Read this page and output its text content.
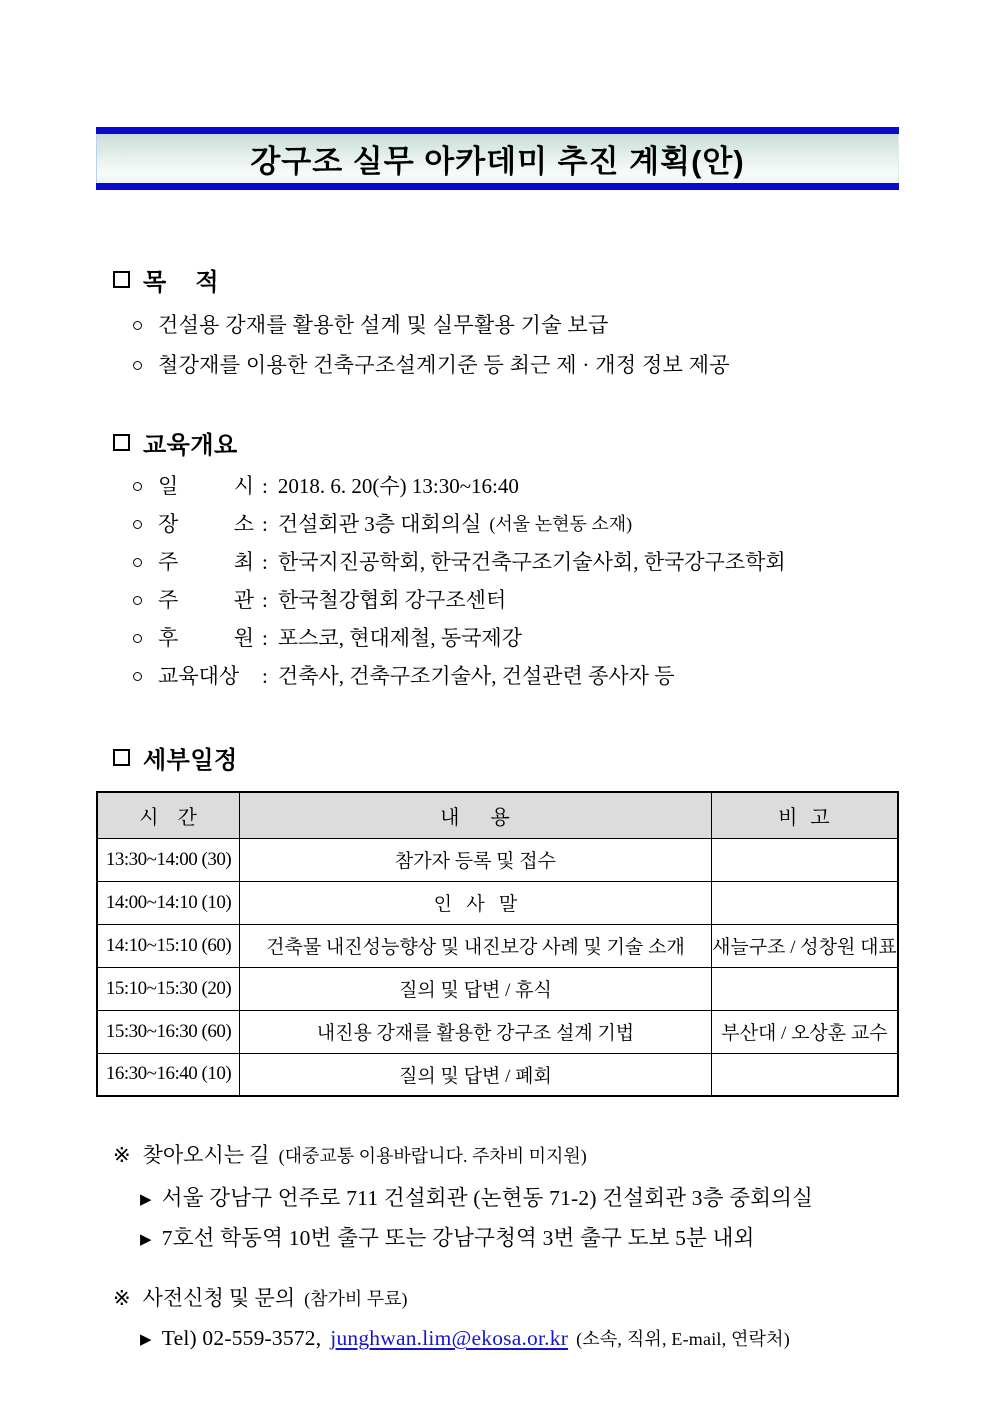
강구조 실무 아카데미 추진 계획(안)
목    적
건설용 강재를 활용한 설계 및 실무활용 기술 보급
철강재를 이용한 건축구조설계기준 등 최근 제 · 개정 정보 제공
교육개요
일 시 : 2018. 6. 20(수) 13:30~16:40
장 소 : 건설회관 3층 대회의실 (서울 논현동 소재)
주 최 : 한국지진공학회, 한국건축구조기술사회, 한국강구조학회
주 관 : 한국철강협회 강구조센터
후 원 : 포스코, 현대제철, 동국제강
교육대상	: 건축사, 건축구조기술사, 건설관련 종사자 등
세부일정
시   간	내     용	비  고
13:30~14:00 (30)	참가자 등록 및 접수	
14:00~14:10 (10)	인   사   말	
14:10~15:10 (60)	건축물 내진성능향상 및 내진보강 사례 및 기술 소개	새늘구조 / 성창원 대표
15:10~15:30 (20)	질의 및 답변 / 휴식	
15:30~16:30 (60)	내진용 강재를 활용한 강구조 설계 기법	부산대 / 오상훈 교수
16:30~16:40 (10)	질의 및 답변 / 폐회	
※ 찾아오시는 길 (대중교통 이용바랍니다. 주차비 미지원)
▶ 서울 강남구 언주로 711 건설회관 (논현동 71-2) 건설회관 3층 중회의실
▶ 7호선 학동역 10번 출구 또는 강남구청역 3번 출구 도보 5분 내외
※ 사전신청 및 문의 (참가비 무료)
▶ Tel) 02-559-3572, junghwan.lim@ekosa.or.kr (소속, 직위, E-mail, 연락처)
